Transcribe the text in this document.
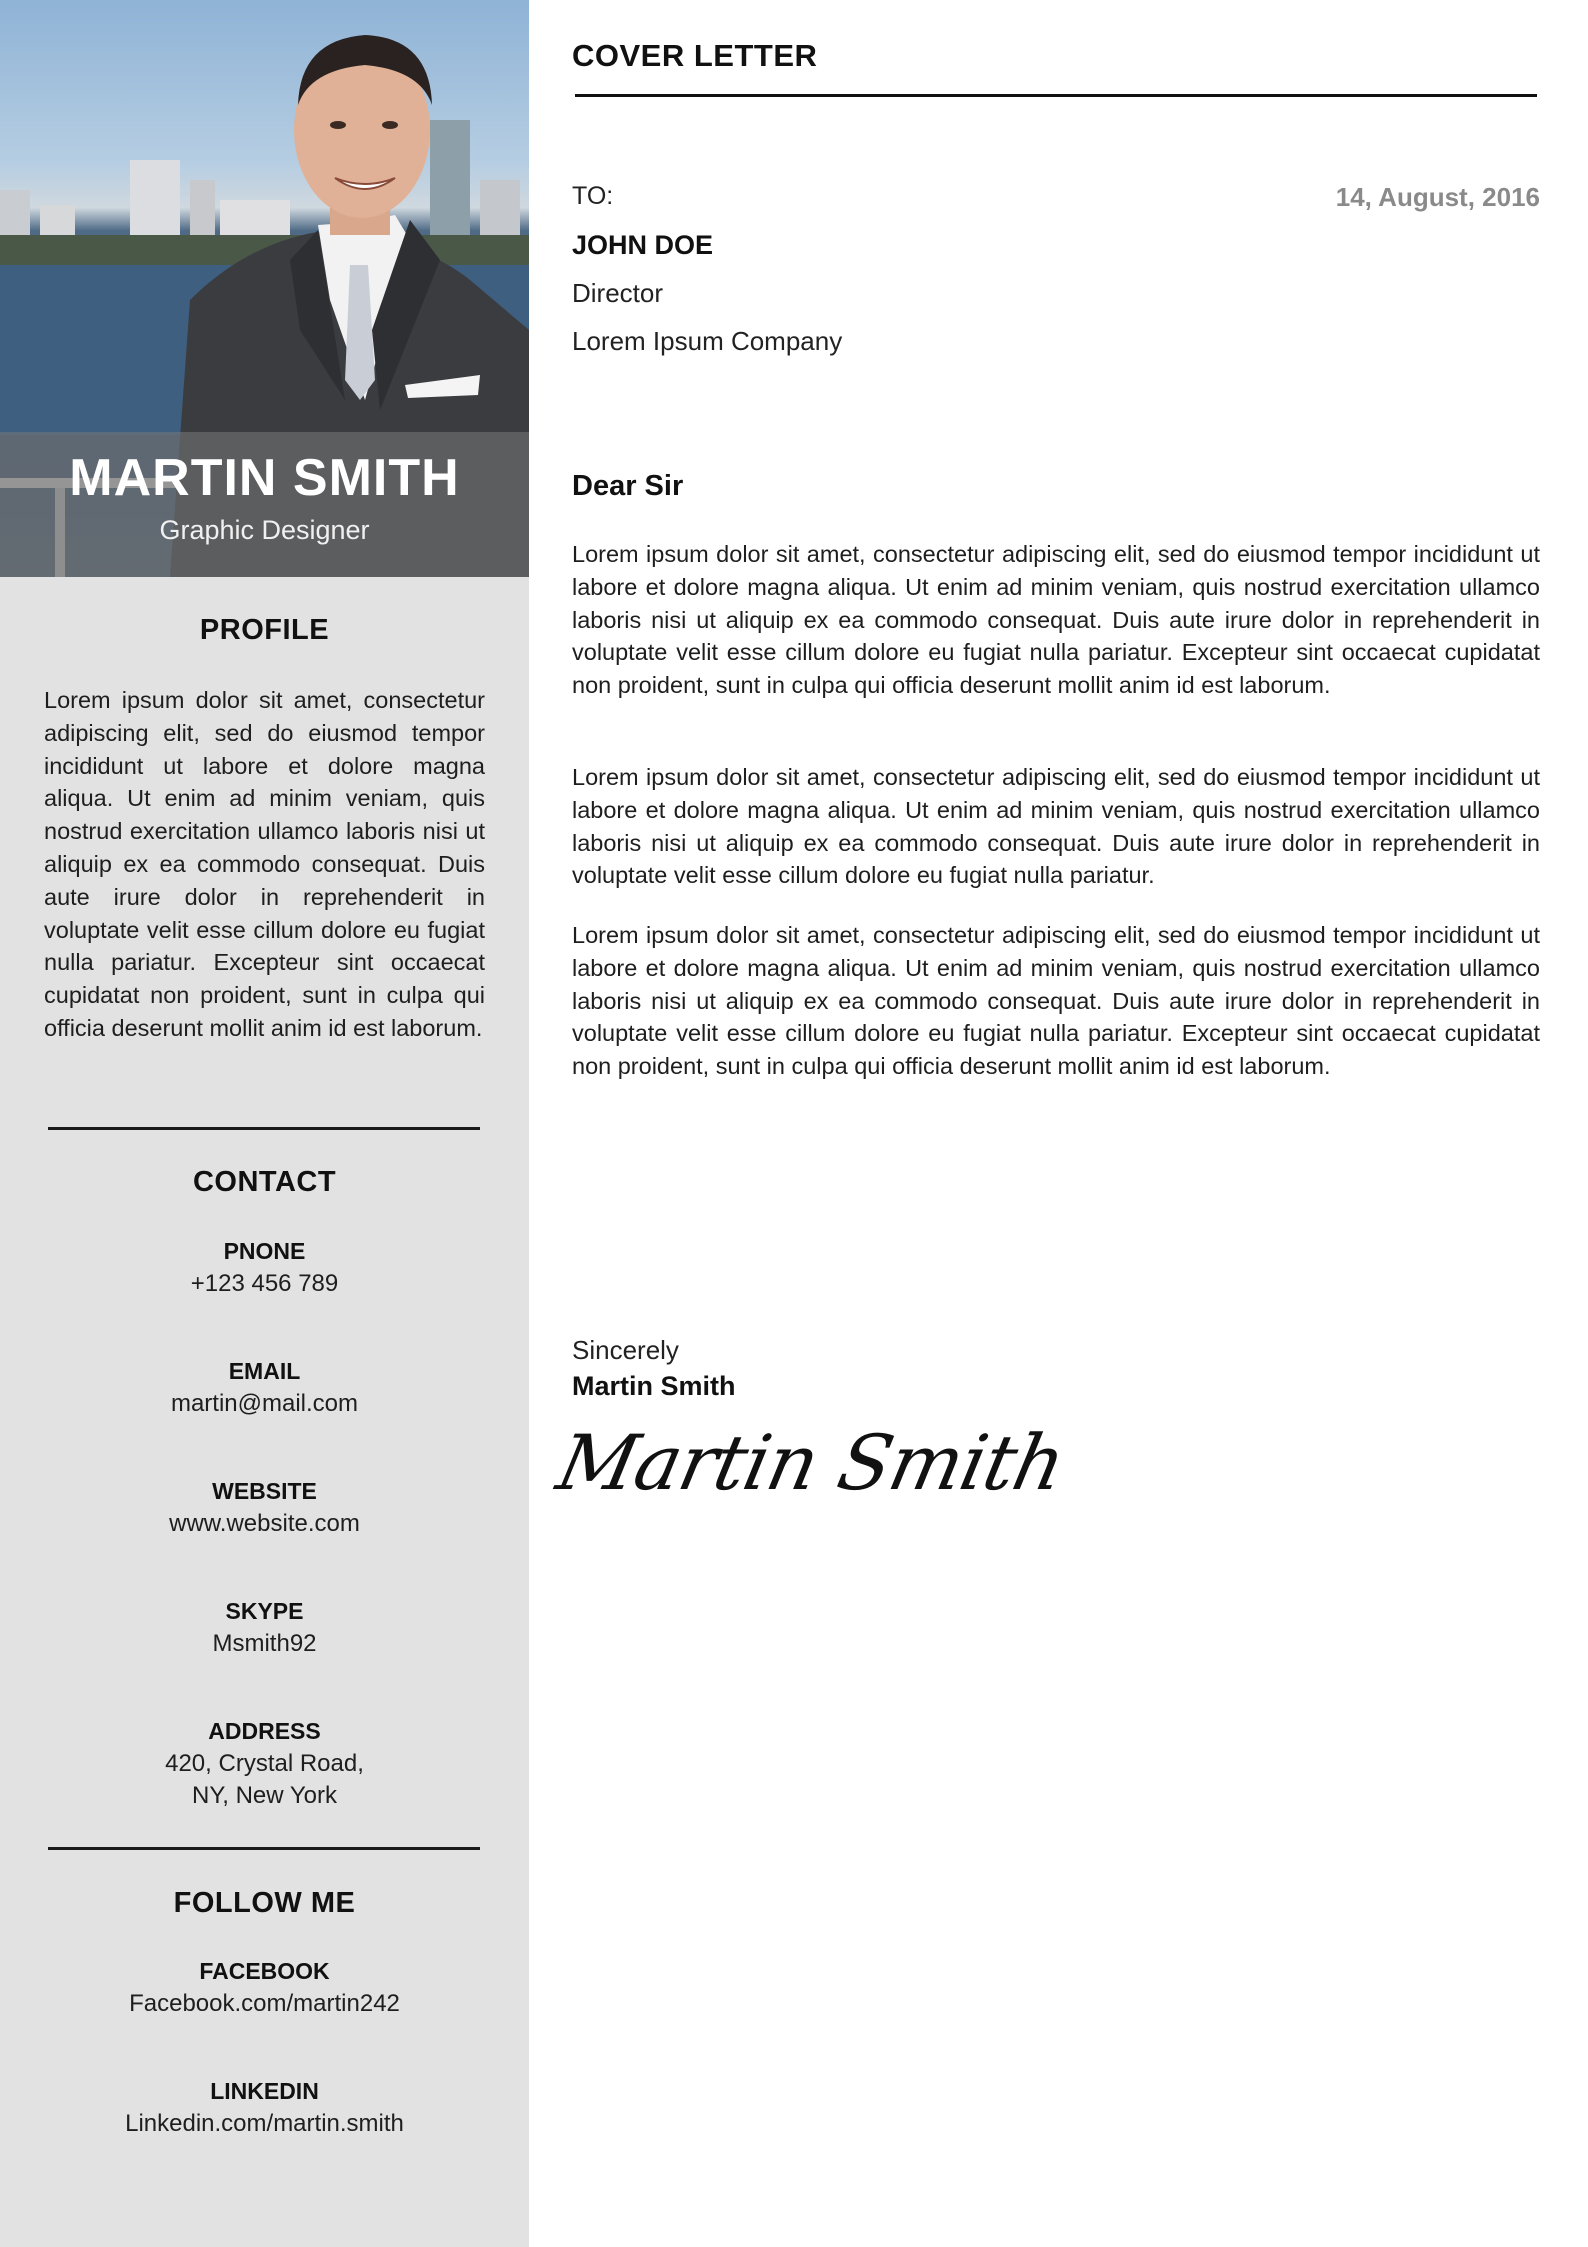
MARTIN SMITH
Graphic Designer
PROFILE
Lorem ipsum dolor sit amet, consectetur adipiscing elit, sed do eiusmod tempor incididunt ut labore et dolore magna aliqua. Ut enim ad minim veniam, quis nostrud exercitation ullamco laboris nisi ut aliquip ex ea commodo consequat. Duis aute irure dolor in reprehenderit in voluptate velit esse cillum dolore eu fugiat nulla pariatur. Excepteur sint occaecat cupidatat non proident, sunt in culpa qui officia deserunt mollit anim id est laborum.
CONTACT
PNONE
+123 456 789
EMAIL
martin@mail.com
WEBSITE
www.website.com
SKYPE
Msmith92
ADDRESS
420, Crystal Road,
NY, New York
FOLLOW ME
FACEBOOK
Facebook.com/martin242
LINKEDIN
Linkedin.com/martin.smith
COVER LETTER
TO:	14, August, 2016
JOHN DOE
Director
Lorem Ipsum Company
Dear Sir
Lorem ipsum dolor sit amet, consectetur adipiscing elit, sed do eiusmod tempor incididunt ut labore et dolore magna aliqua. Ut enim ad minim veniam, quis nostrud exercitation ullamco laboris nisi ut aliquip ex ea commodo consequat. Duis aute irure dolor in reprehenderit in voluptate velit esse cillum dolore eu fugiat nulla pariatur. Excepteur sint occaecat cupidatat non proident, sunt in culpa qui officia deserunt mollit anim id est laborum.
Lorem ipsum dolor sit amet, consectetur adipiscing elit, sed do eiusmod tempor incididunt ut labore et dolore magna aliqua. Ut enim ad minim veniam, quis nostrud exercitation ullamco laboris nisi ut aliquip ex ea commodo consequat. Duis aute irure dolor in reprehenderit in voluptate velit esse cillum dolore eu fugiat nulla pariatur.
Lorem ipsum dolor sit amet, consectetur adipiscing elit, sed do eiusmod tempor incididunt ut labore et dolore magna aliqua. Ut enim ad minim veniam, quis nostrud exercitation ullamco laboris nisi ut aliquip ex ea commodo consequat. Duis aute irure dolor in reprehenderit in voluptate velit esse cillum dolore eu fugiat nulla pariatur. Excepteur sint occaecat cupidatat non proident, sunt in culpa qui officia deserunt mollit anim id est laborum.
Sincerely
Martin Smith
Martin Smith
